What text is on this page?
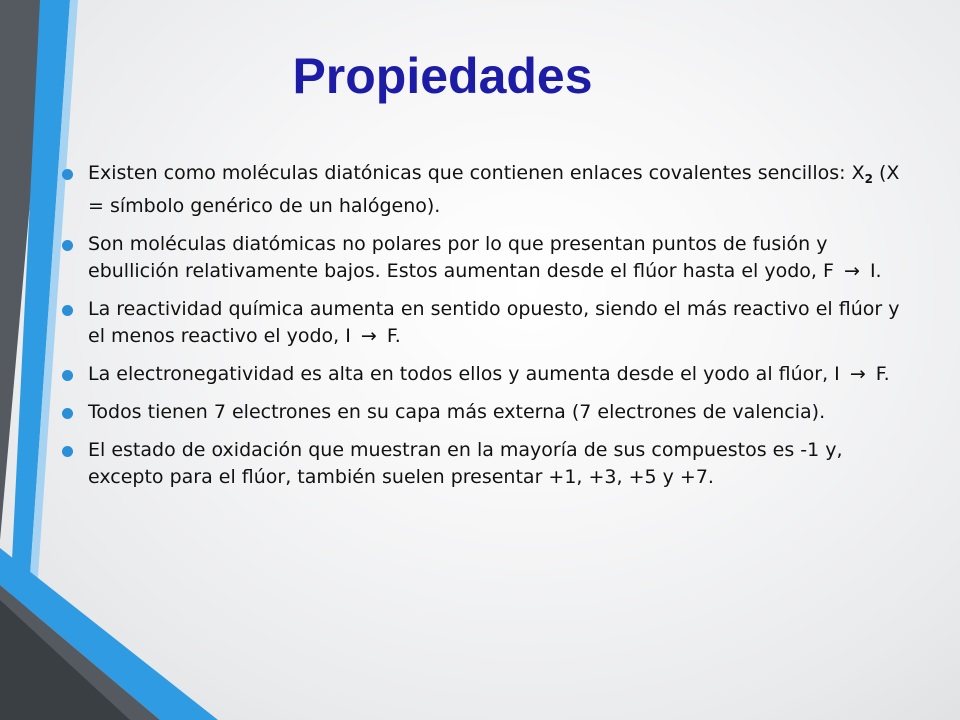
Propiedades
Existen como moléculas diatónicas que contienen enlaces covalentes sencillos: $X_2$ (X = símbolo genérico de un halógeno).
Son moléculas diatómicas no polares por lo que presentan puntos de fusión y ebullición relativamente bajos. Estos aumentan desde el flúor hasta el yodo, F → I.
La reactividad química aumenta en sentido opuesto, siendo el más reactivo el flúor y el menos reactivo el yodo, I → F.
La electronegatividad es alta en todos ellos y aumenta desde el yodo al flúor, I → F.
Todos tienen 7 electrones en su capa más externa (7 electrones de valencia).
El estado de oxidación que muestran en la mayoría de sus compuestos es -1 y, excepto para el flúor, también suelen presentar +1, +3, +5 y +7.
